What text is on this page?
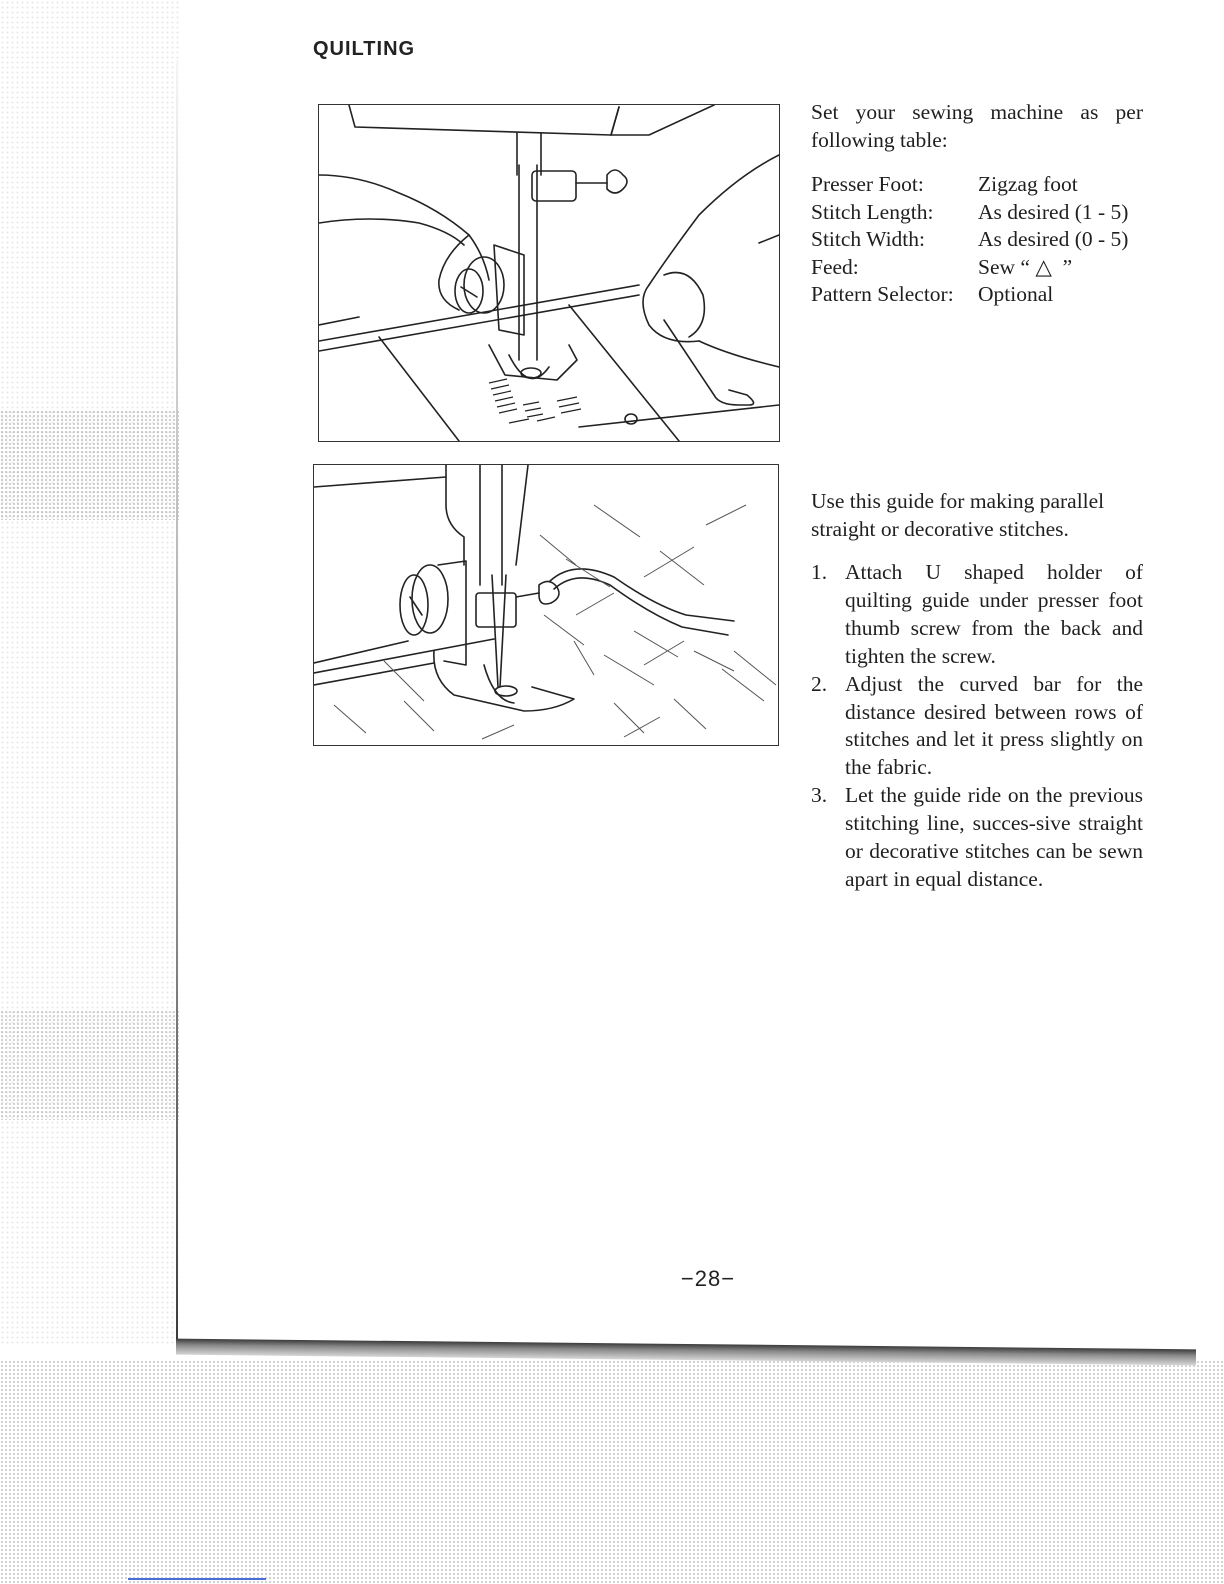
QUILTING
Set your sewing machine as per following table:
Presser Foot:	Zigzag foot
Stitch Length:	As desired (1 - 5)
Stitch Width:	As desired (0 - 5)
Feed:	Sew “ △  ”
Pattern Selector:	Optional
Use this guide for making parallel straight or decorative stitches.
1. Attach U shaped holder of quilting guide under presser foot thumb screw from the back and tighten the screw.
2. Adjust the curved bar for the distance desired between rows of stitches and let it press slightly on the fabric.
3. Let the guide ride on the previous stitching line, succes-sive straight or decorative stitches can be sewn apart in equal distance.
−28−
